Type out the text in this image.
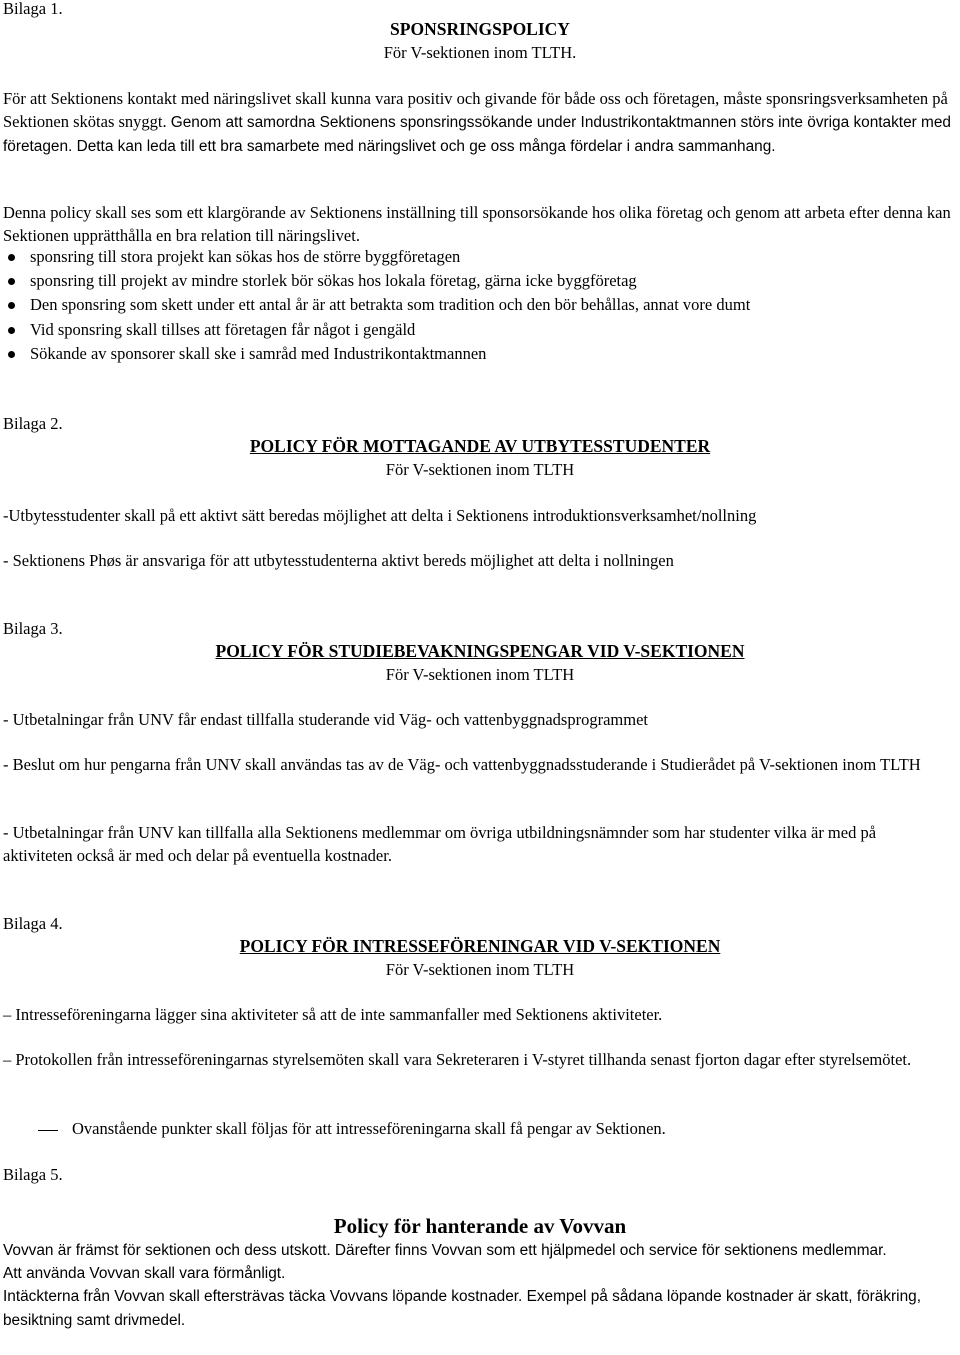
Bilaga 1.
SPONSRINGSPOLICY
För V-sektionen inom TLTH.

För att Sektionens kontakt med näringslivet skall kunna vara positiv och givande för både oss och företagen, måste sponsringsverksamheten på Sektionen skötas snyggt. Genom att samordna Sektionens sponsringssökande under Industrikontaktmannen störs inte övriga kontakter med företagen. Detta kan leda till ett bra samarbete med näringslivet och ge oss många fördelar i andra sammanhang.

Denna policy skall ses som ett klargörande av Sektionens inställning till sponsorsökande hos olika företag och genom att arbeta efter denna kan Sektionen upprätthålla en bra relation till näringslivet.

sponsring till stora projekt kan sökas hos de större byggföretagen
sponsring till projekt av mindre storlek bör sökas hos lokala företag, gärna icke byggföretag
Den sponsring som skett under ett antal år är att betrakta som tradition och den bör behållas, annat vore dumt
Vid sponsring skall tillses att företagen får något i gengäld
Sökande av sponsorer skall ske i samråd med Industrikontaktmannen
Bilaga 2.
POLICY FÖR MOTTAGANDE AV UTBYTESSTUDENTER
För V-sektionen inom TLTH

-Utbytesstudenter skall på ett aktivt sätt beredas möjlighet att delta i Sektionens introduktionsverksamhet/nollning

- Sektionens Phøs är ansvariga för att utbytesstudenterna aktivt bereds möjlighet att delta i nollningen

Bilaga 3.
POLICY FÖR STUDIEBEVAKNINGSPENGAR VID V-SEKTIONEN
För V-sektionen inom TLTH

- Utbetalningar från UNV får endast tillfalla studerande vid Väg- och vattenbyggnadsprogrammet

- Beslut om hur pengarna från UNV skall användas tas av de Väg- och vattenbyggnadsstuderande i Studierådet på V-sektionen inom TLTH

- Utbetalningar från UNV kan tillfalla alla Sektionens medlemmar om övriga utbildningsnämnder som har studenter vilka är med på aktiviteten också är med och delar på eventuella kostnader.

Bilaga 4.
POLICY FÖR INTRESSEFÖRENINGAR VID V-SEKTIONEN
För V-sektionen inom TLTH

– Intresseföreningarna lägger sina aktiviteter så att de inte sammanfaller med Sektionens aktiviteter.

– Protokollen från intresseföreningarnas styrelsemöten skall vara Sekreteraren i V-styret tillhanda senast fjorton dagar efter styrelsemötet.

Ovanstående punkter skall följas för att intresseföreningarna skall få pengar av Sektionen.
Bilaga 5.
Policy för hanterande av Vovvan
Vovvan är främst för sektionen och dess utskott. Därefter finns Vovvan som ett hjälpmedel och service för sektionens medlemmar.
Att använda Vovvan skall vara förmånligt.
Intäckterna från Vovvan skall eftersträvas täcka Vovvans löpande kostnader. Exempel på sådana löpande kostnader är skatt, föräkring, besiktning samt drivmedel.
